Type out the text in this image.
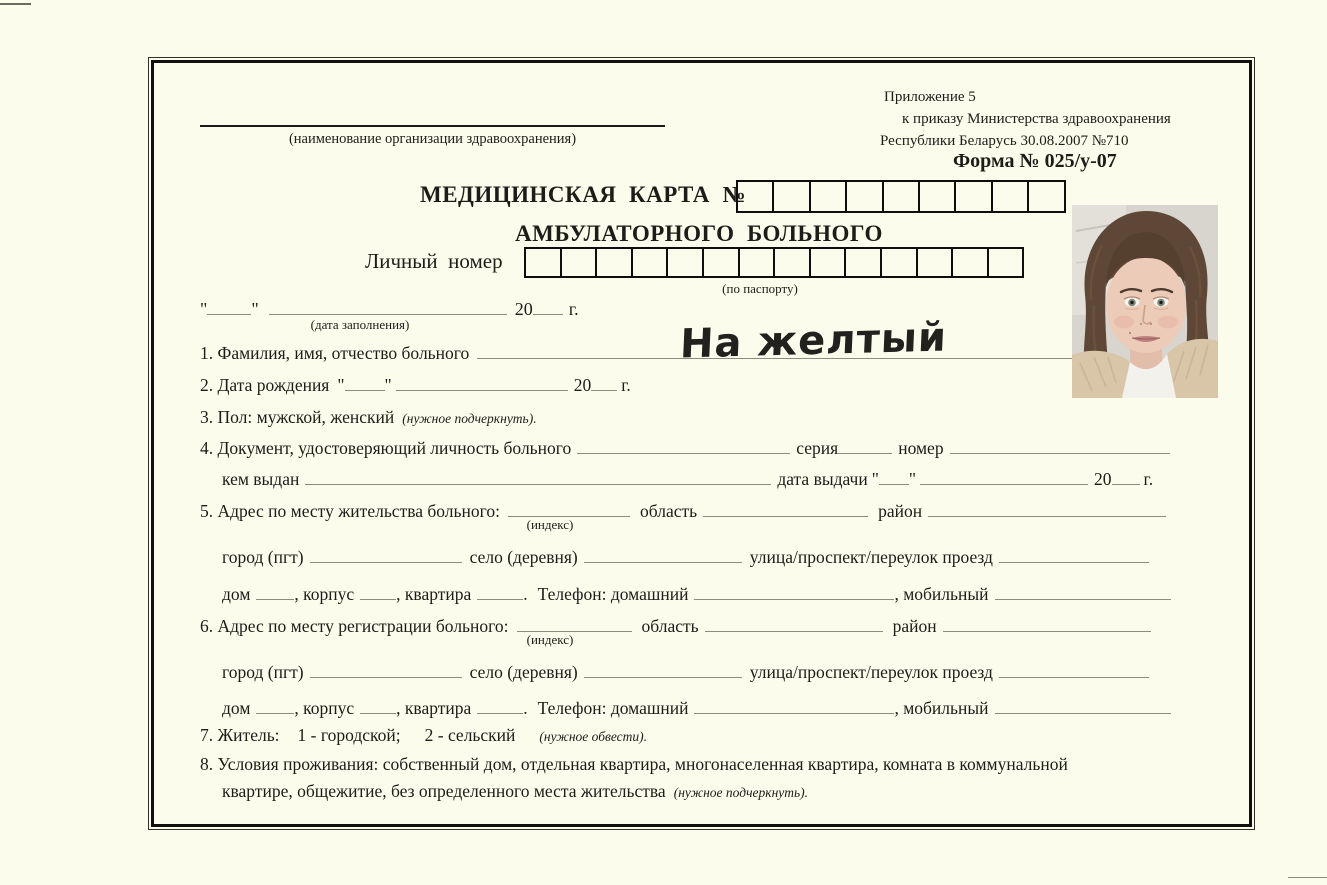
(наименование организации здравоохранения)
Приложение 5
к приказу Министерства здравоохранения
Республики Беларусь 30.08.2007 №710
Форма № 025/у-07
МЕДИЦИНСКАЯ  КАРТА  №
АМБУЛАТОРНОГО  БОЛЬНОГО
Личный  номер
(по паспорту)
" "	20 г.
(дата заполнения)	На желтый
1. Фамилия, имя, отчество больного
2. Дата рождения " "	20 г.
3. Пол: мужской, женский (нужное подчеркнуть).
4. Документ, удостоверяющий личность больного	серия	номер
кем выдан	дата выдачи " "	20 г.
5. Адрес по месту жительства больного:	область	район
(индекс)
город (пгт)	село (деревня)	улица/проспект/переулок проезд
дом	, корпус , квартира	. Телефон: домашний	, мобильный
6. Адрес по месту регистрации больного:	область	район
(индекс)
город (пгт)	село (деревня)	улица/проспект/переулок проезд
дом	, корпус , квартира	. Телефон: домашний	, мобильный
7. Житель: 1 - городской; 2 - сельский (нужное обвести).
8. Условия проживания: собственный дом, отдельная квартира, многонаселенная квартира, комната в коммунальной
квартире, общежитие, без определенного места жительства (нужное подчеркнуть).
